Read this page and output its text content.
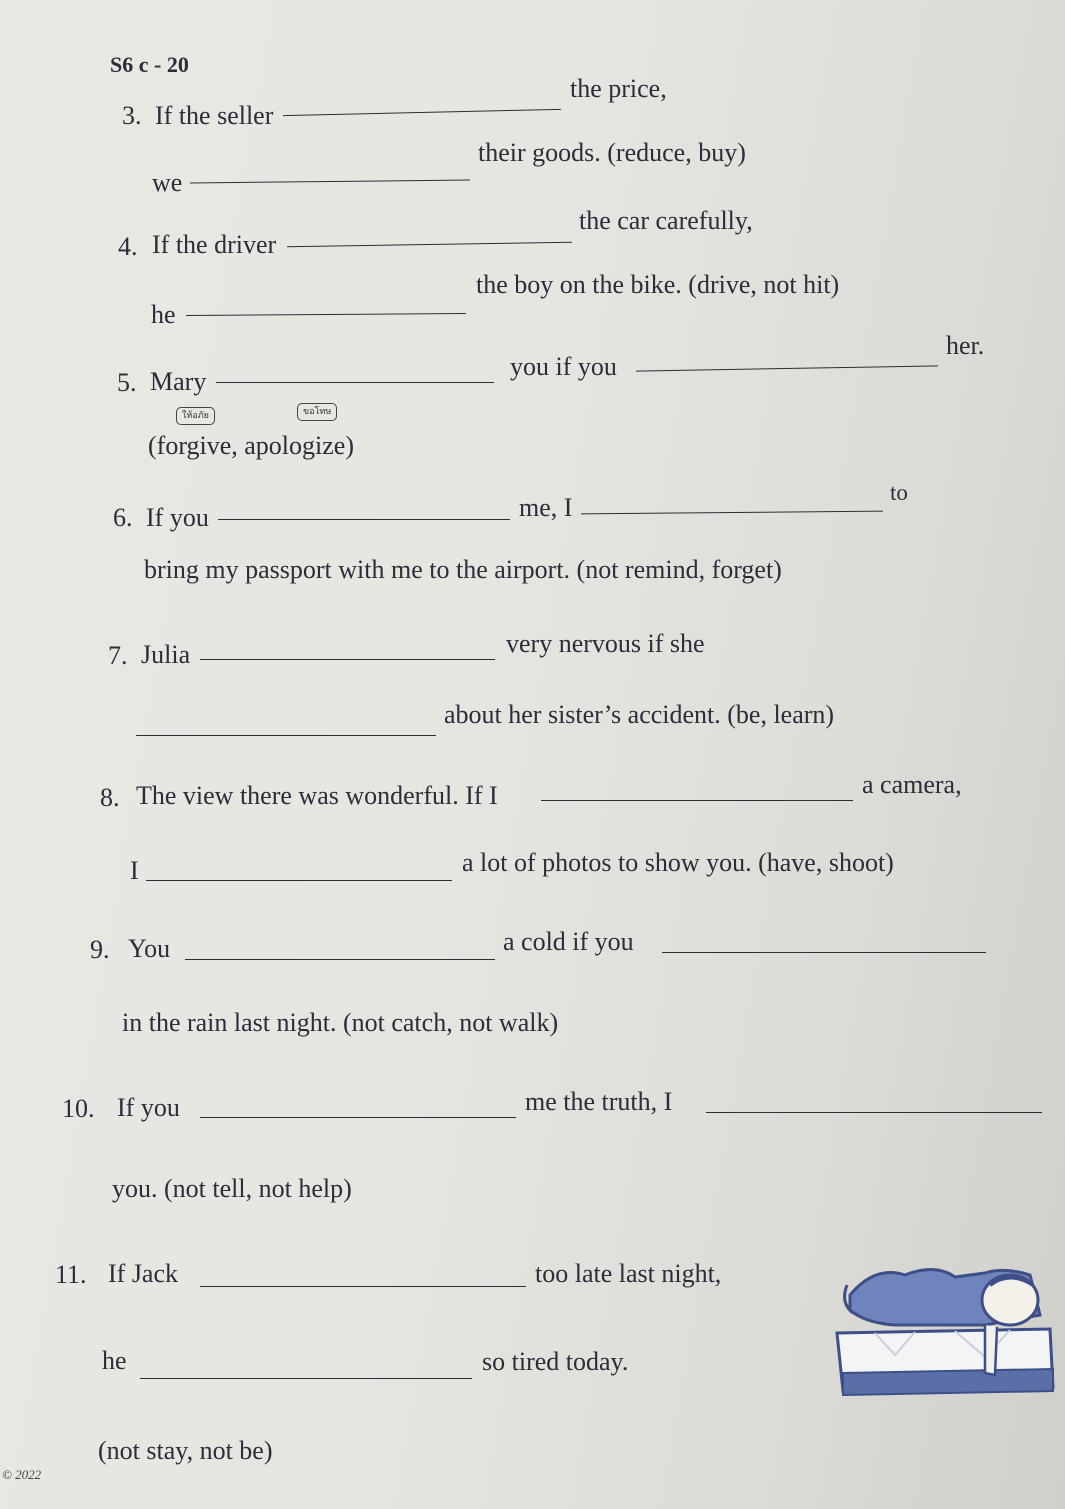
S6 c - 20
3. If the seller
the price,
we
their goods. (reduce, buy)
4. If the driver
the car carefully,
he
the boy on the bike. (drive, not hit)
5. Mary
you if you
her.
ให้อภัย	ขอโทษ
(forgive, apologize)
6. If you	me, I
to
bring my passport with me to the airport. (not remind, forget)
7. Julia	very nervous if she
about her sister’s accident. (be, learn)
8. The view there was wonderful. If I	a camera,
I	a lot of photos to show you. (have, shoot)
9. You	a cold if you
in the rain last night. (not catch, not walk)
10. If you	me the truth, I
you. (not tell, not help)
11. If Jack	too late last night,
he	so tired today.
(not stay, not be)
© 2022
